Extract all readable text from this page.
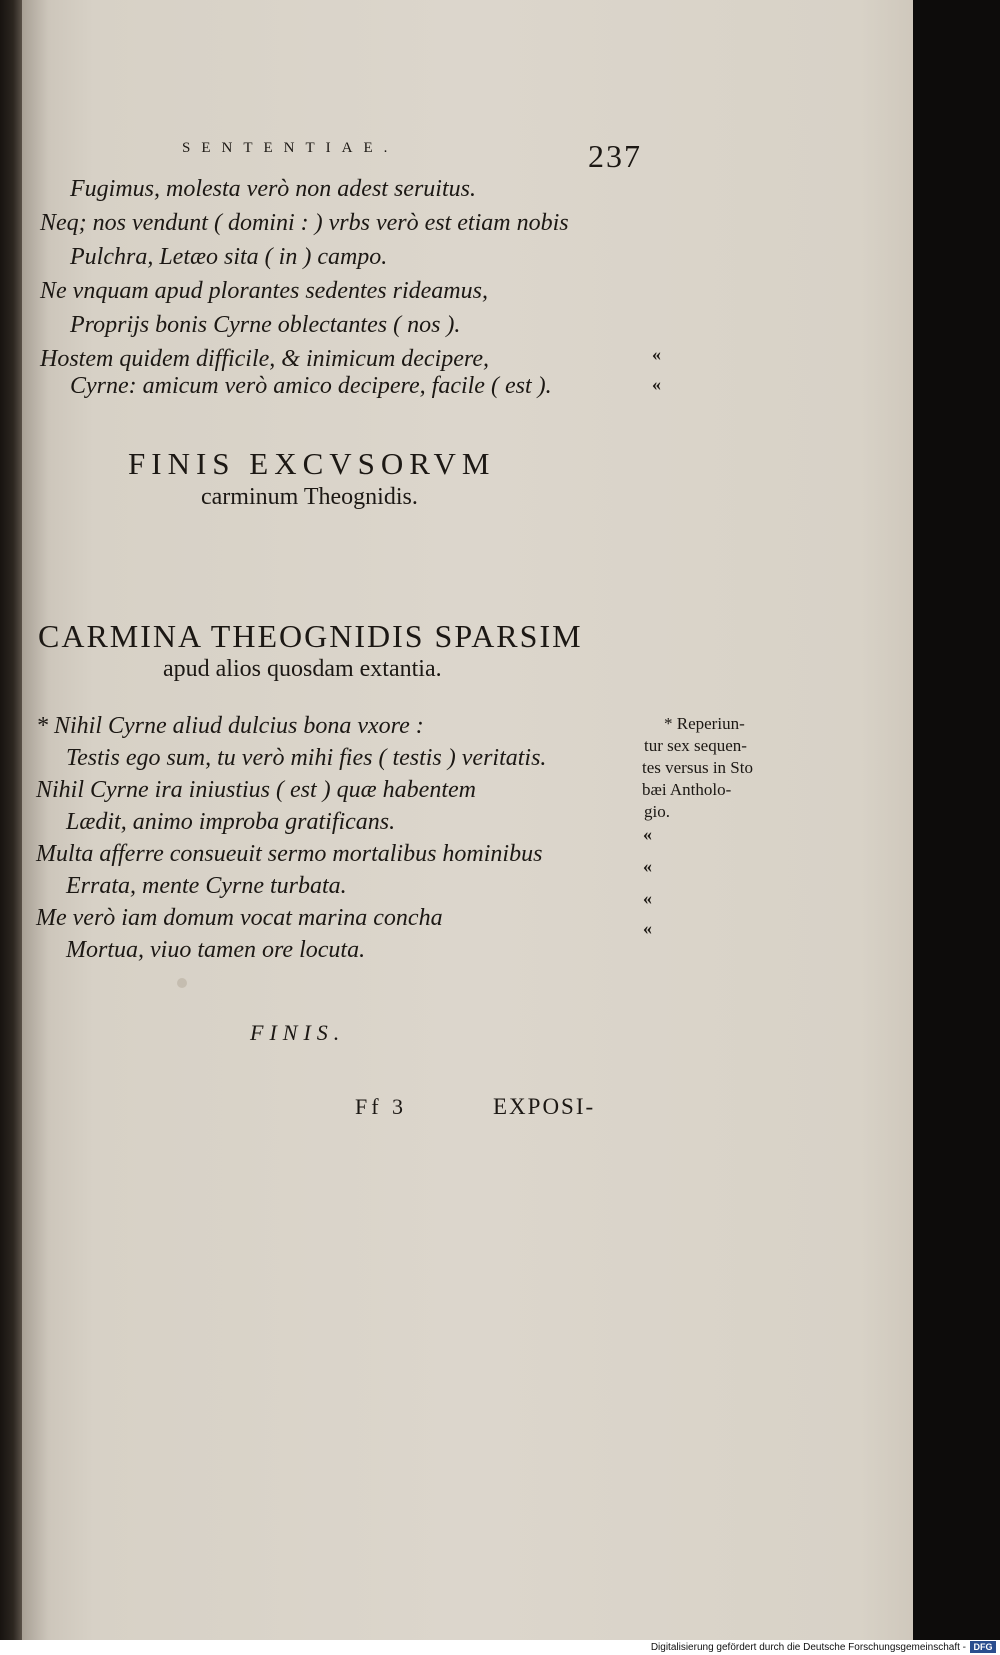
SENTENTIAE.	237
Fugimus, molesta verò non adest seruitus.
Neq; nos vendunt ( domini : ) vrbs verò est etiam nobis
Pulchra, Letæo sita ( in ) campo.
Ne vnquam apud plorantes sedentes rideamus,
Proprijs bonis Cyrne oblectantes ( nos ).
Hostem quidem difficile, & inimicum decipere,
Cyrne: amicum verò amico decipere, facile ( est ).
«
«
FINIS EXCVSORVM
carminum Theognidis.
CARMINA THEOGNIDIS SPARSIM
apud alios quosdam extantia.
* Nihil Cyrne aliud dulcius bona vxore :
Testis ego sum, tu verò mihi fies ( testis ) veritatis.
Nihil Cyrne ira iniustius ( est ) quæ habentem
Lædit, animo improba gratificans.
Multa afferre consueuit sermo mortalibus hominibus
Errata, mente Cyrne turbata.
Me verò iam domum vocat marina concha
Mortua, viuo tamen ore locuta.
* Reperiun-
tur sex sequen-
tes versus in Sto
bæi Antholo-
gio.
«
«
«
«
FINIS.
Ff 3	EXPOSI-
Digitalisierung gefördert durch die Deutsche Forschungsgemeinschaft - DFG
